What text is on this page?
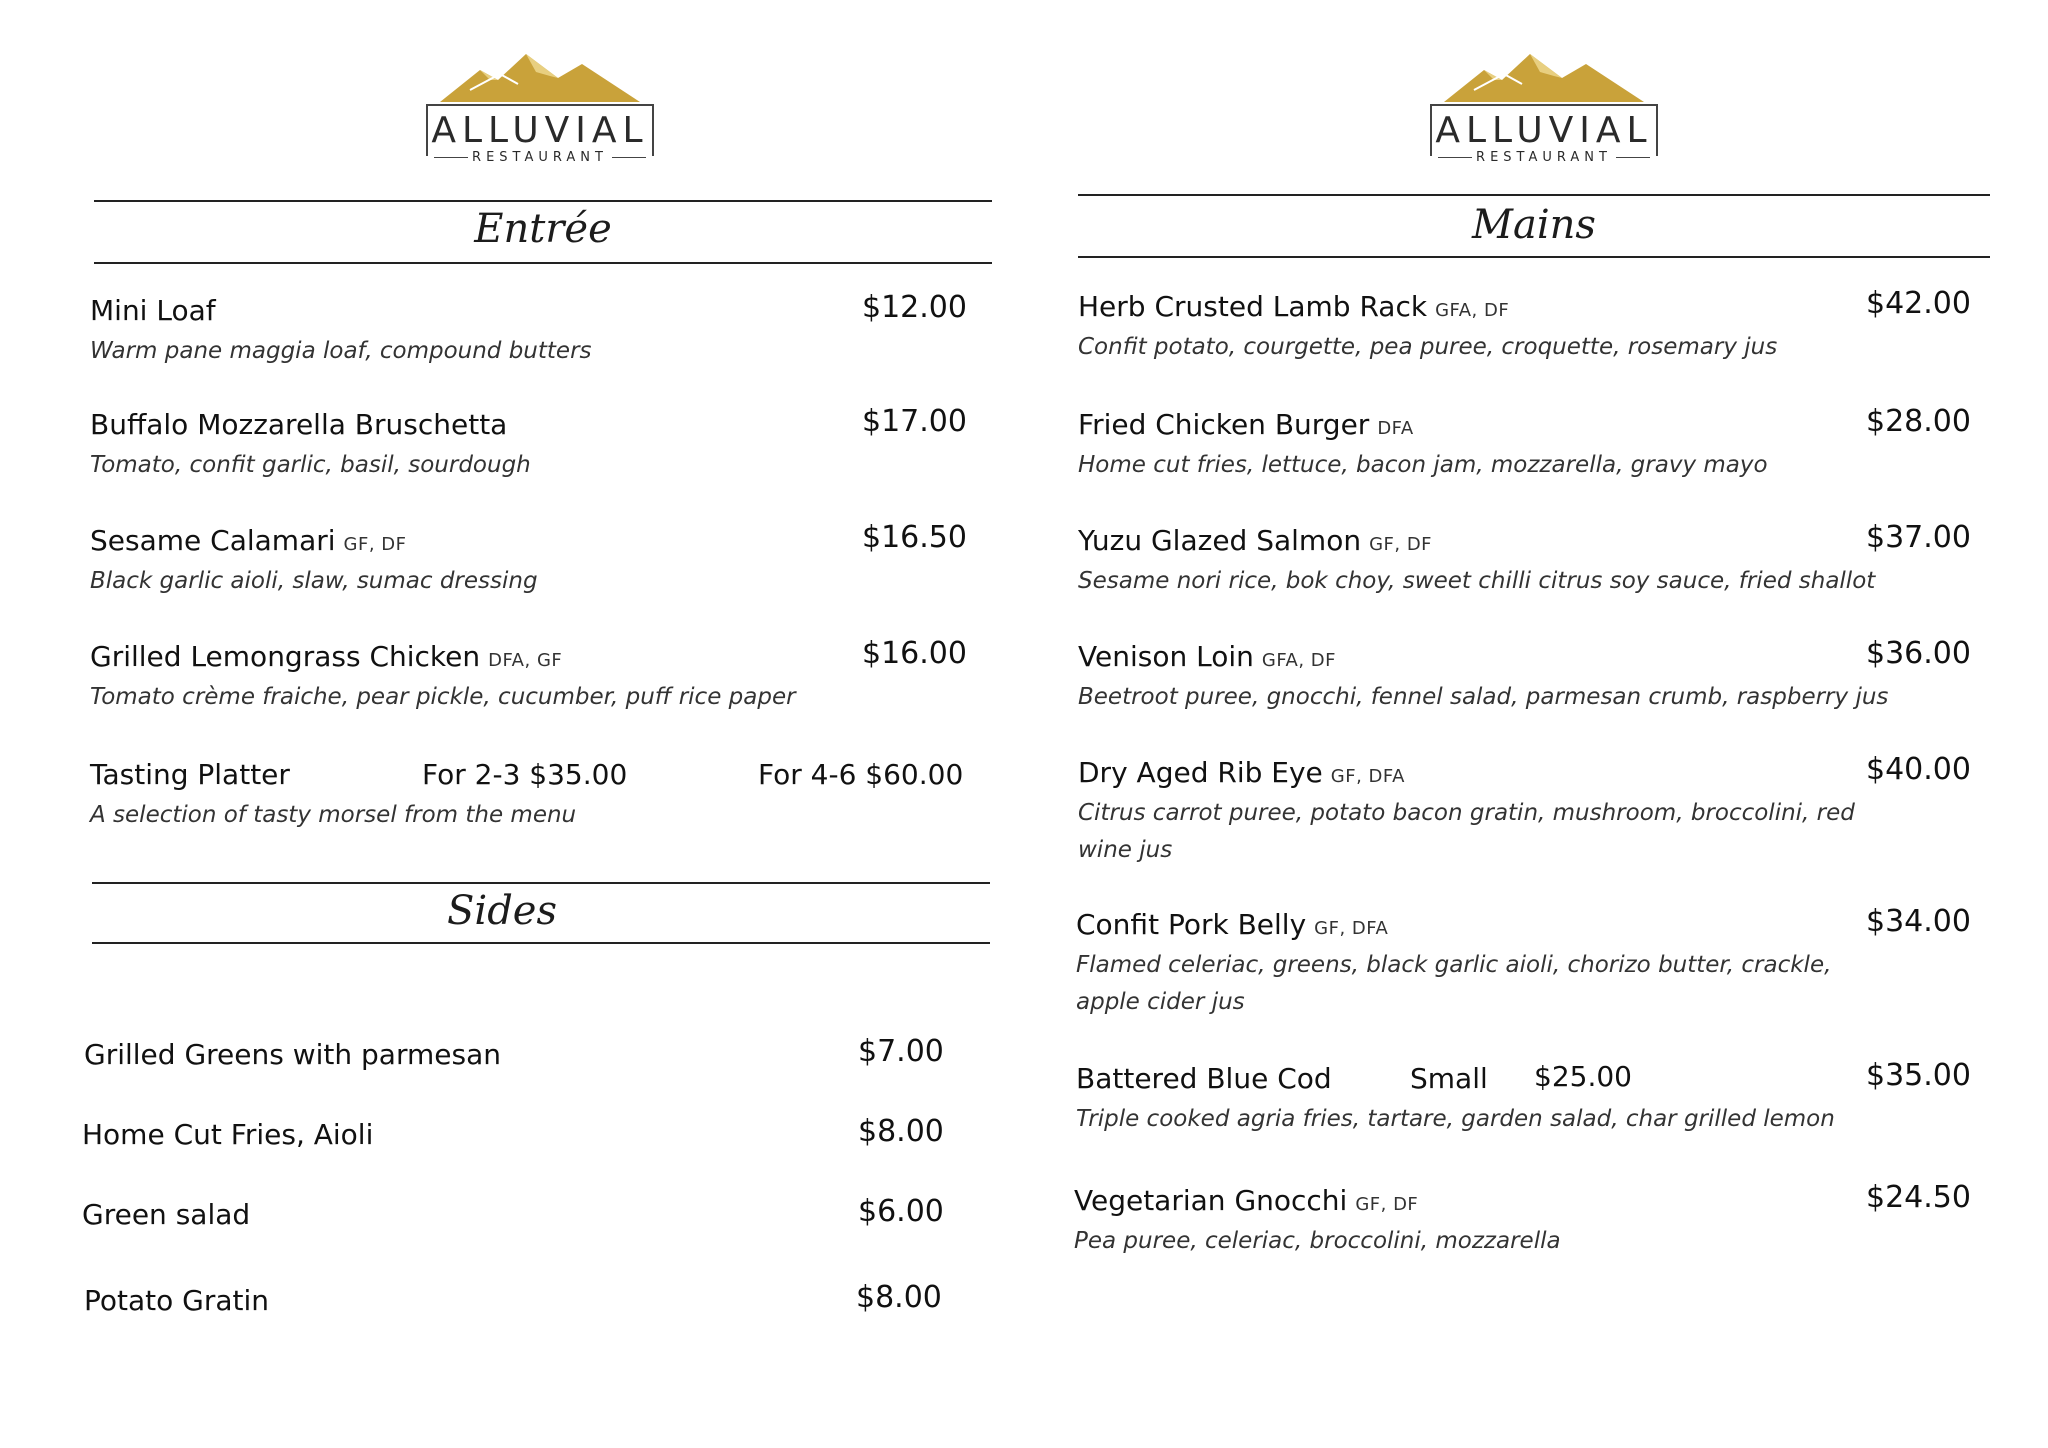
ALLUVIAL
RESTAURANT
Entrée
Mini Loaf
Warm pane maggia loaf, compound butters
$12.00
Buffalo Mozzarella Bruschetta
Tomato, confit garlic, basil, sourdough
$17.00
Sesame Calamari GF, DF
Black garlic aioli, slaw, sumac dressing
$16.50
Grilled Lemongrass Chicken DFA, GF
Tomato crème fraiche, pear pickle, cucumber, puff rice paper
$16.00
Tasting Platter
A selection of tasty morsel from the menu
For 2-3 $35.00	For 4-6 $60.00
Sides
Grilled Greens with parmesan	$7.00
Home Cut Fries, Aioli	$8.00
Green salad	$6.00
Potato Gratin	$8.00
ALLUVIAL
RESTAURANT
Mains
Herb Crusted Lamb Rack GFA, DF
Confit potato, courgette, pea puree, croquette, rosemary jus
$42.00
Fried Chicken Burger DFA
Home cut fries, lettuce, bacon jam, mozzarella, gravy mayo
$28.00
Yuzu Glazed Salmon GF, DF
Sesame nori rice, bok choy, sweet chilli citrus soy sauce, fried shallot
$37.00
Venison Loin GFA, DF
Beetroot puree, gnocchi, fennel salad, parmesan crumb, raspberry jus
$36.00
Dry Aged Rib Eye GF, DFA
Citrus carrot puree, potato bacon gratin, mushroom, broccolini, red wine jus
$40.00
Confit Pork Belly GF, DFA
Flamed celeriac, greens, black garlic aioli, chorizo butter, crackle, apple cider jus
$34.00
Battered Blue Cod
Triple cooked agria fries, tartare, garden salad, char grilled lemon
Small $25.00	$35.00
Vegetarian Gnocchi GF, DF
Pea puree, celeriac, broccolini, mozzarella
$24.50
